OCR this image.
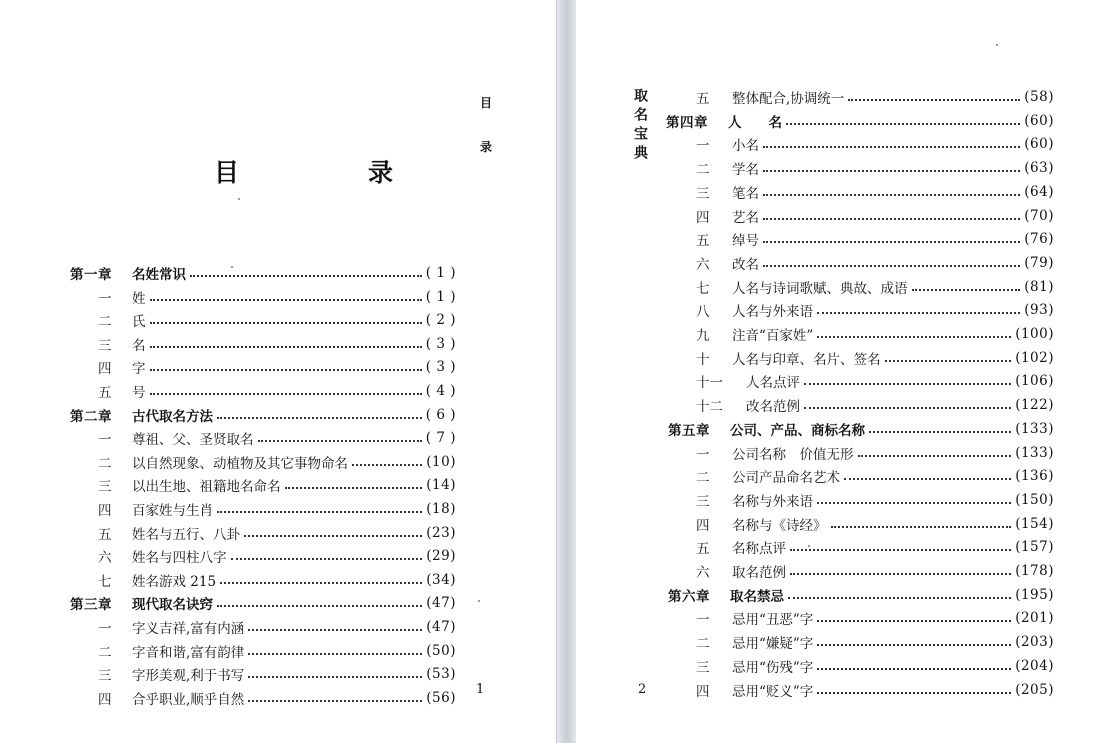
目　录
目
录
1
第一章	名姓常识	( 1 )
一	姓	( 1 )
二	氏	( 2 )
三	名	( 3 )
四	字	( 3 )
五	号	( 4 )
第二章	古代取名方法	( 6 )
一	尊祖、父、圣贤取名	( 7 )
二	以自然现象、动植物及其它事物命名	(10)
三	以出生地、祖籍地名命名	(14)
四	百家姓与生肖	(18)
五	姓名与五行、八卦	(23)
六	姓名与四柱八字	(29)
七	姓名游戏 215	(34)
第三章	现代取名诀窍	(47)
一	字义吉祥,富有内涵	(47)
二	字音和谐,富有韵律	(50)
三	字形美观,利于书写	(53)
四	合乎职业,顺乎自然	(56)
取名宝典
2
五	整体配合,协调统一	(58)
第四章	人　　名	(60)
一	小名	(60)
二	学名	(63)
三	笔名	(64)
四	艺名	(70)
五	绰号	(76)
六	改名	(79)
七	人名与诗词歌赋、典故、成语	(81)
八	人名与外来语	(93)
九	注音“百家姓”	(100)
十	人名与印章、名片、签名	(102)
十一	人名点评	(106)
十二	改名范例	(122)
第五章	公司、产品、商标名称	(133)
一	公司名称　价值无形	(133)
二	公司产品命名艺术	(136)
三	名称与外来语	(150)
四	名称与《诗经》	(154)
五	名称点评	(157)
六	取名范例	(178)
第六章	取名禁忌	(195)
一	忌用“丑恶”字	(201)
二	忌用“嫌疑”字	(203)
三	忌用“伤残”字	(204)
四	忌用“贬义”字	(205)
